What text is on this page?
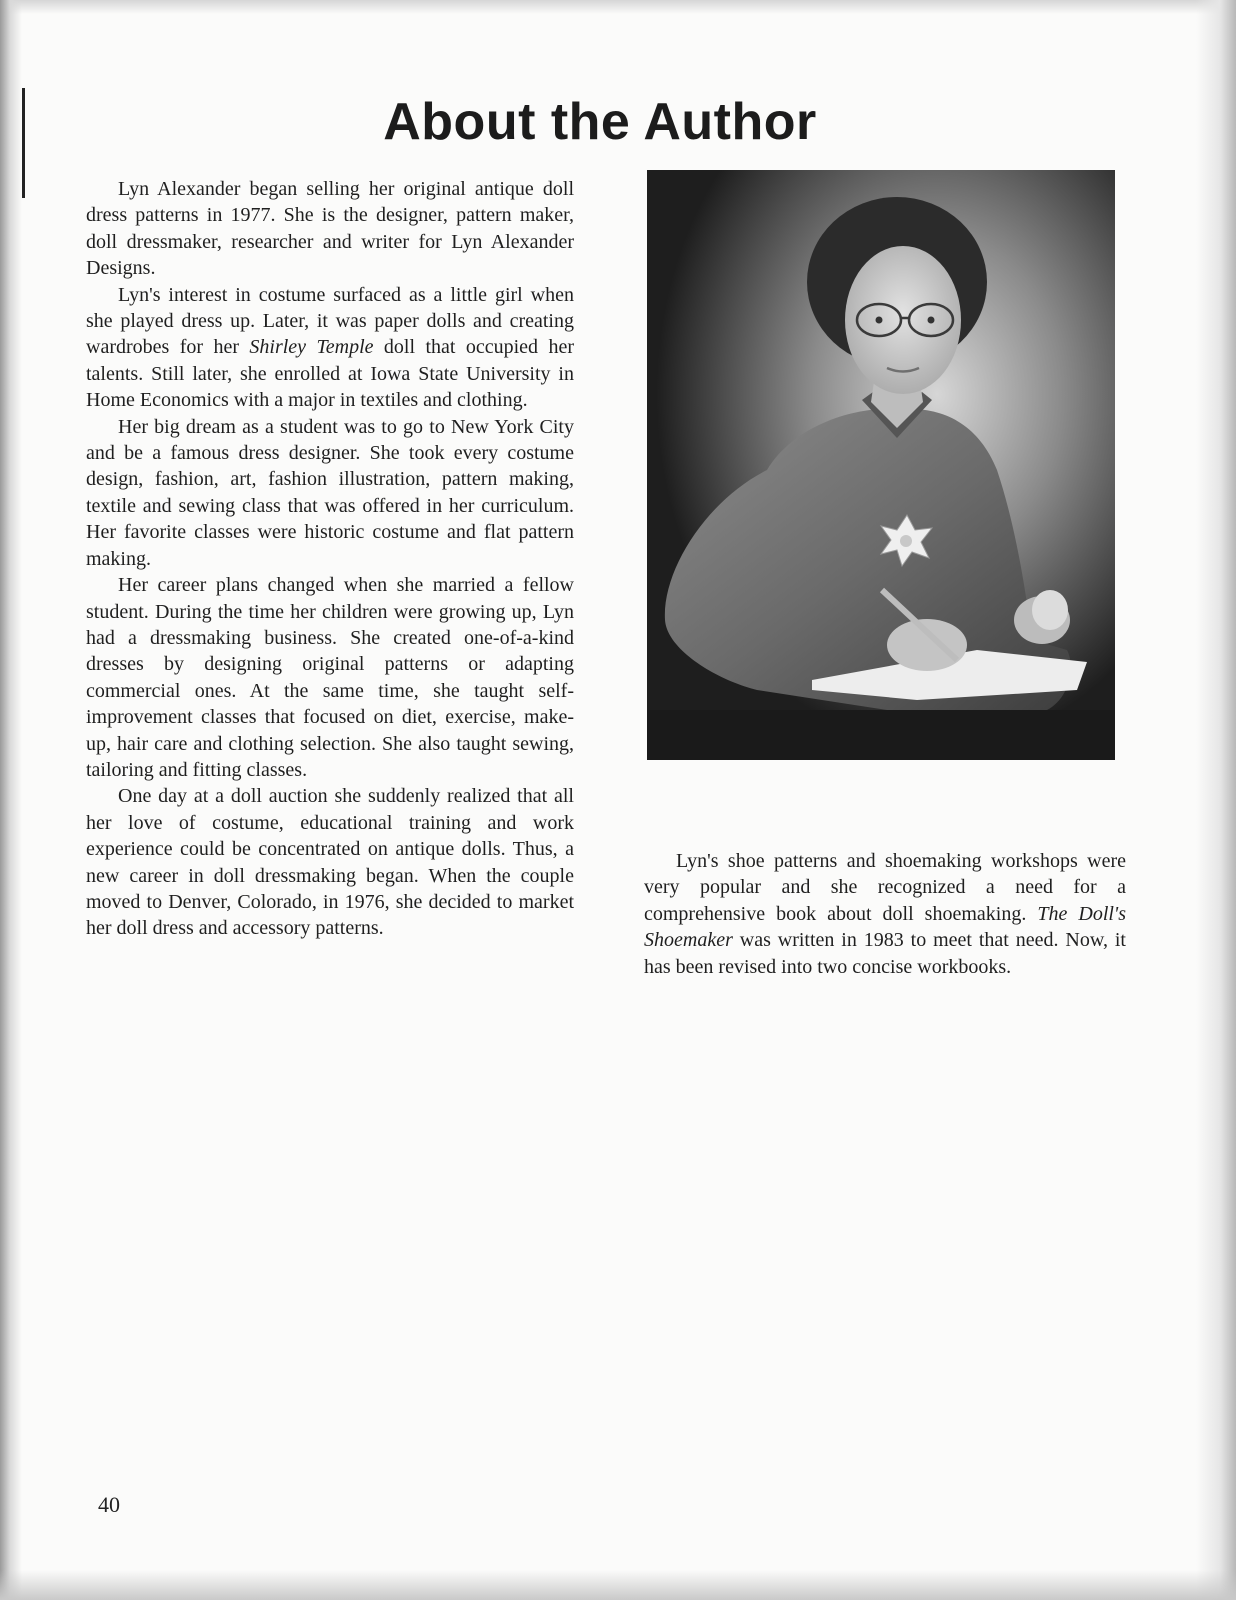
About the Author

Lyn Alexander began selling her original antique doll dress patterns in 1977. She is the designer, pattern maker, doll dressmaker, researcher and writer for Lyn Alexander Designs.

Lyn's interest in costume surfaced as a little girl when she played dress up. Later, it was paper dolls and creating wardrobes for her Shirley Temple doll that occupied her talents. Still later, she enrolled at Iowa State University in Home Economics with a major in textiles and clothing.

Her big dream as a student was to go to New York City and be a famous dress designer. She took every costume design, fashion, art, fashion illustration, pattern making, textile and sewing class that was offered in her curriculum. Her favorite classes were historic costume and flat pattern making.

Her career plans changed when she married a fellow student. During the time her children were growing up, Lyn had a dressmaking business. She created one-of-a-kind dresses by designing original patterns or adapting commercial ones. At the same time, she taught self-improvement classes that focused on diet, exercise, make-up, hair care and clothing selection. She also taught sewing, tailoring and fitting classes.

One day at a doll auction she suddenly realized that all her love of costume, educational training and work experience could be concentrated on antique dolls. Thus, a new career in doll dressmaking began. When the couple moved to Denver, Colorado, in 1976, she decided to market her doll dress and accessory patterns.

Lyn's shoe patterns and shoemaking workshops were very popular and she recognized a need for a comprehensive book about doll shoemaking. The Doll's Shoemaker was written in 1983 to meet that need. Now, it has been revised into two concise workbooks.

40
